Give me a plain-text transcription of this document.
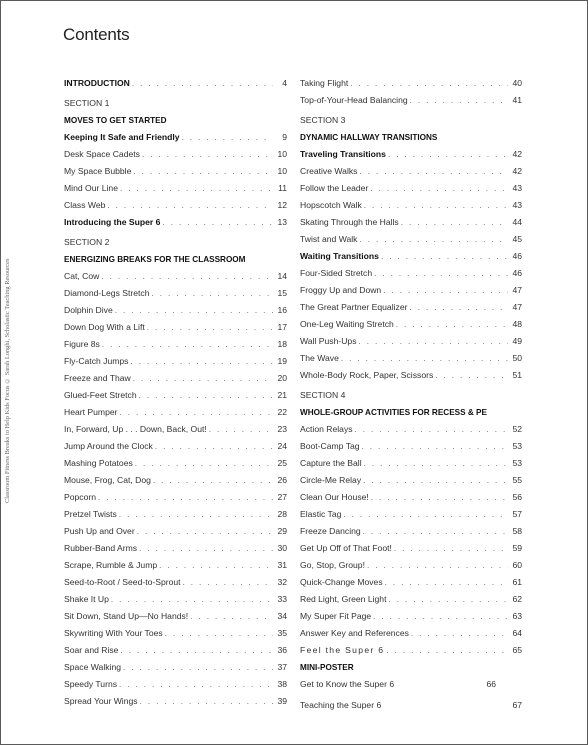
Contents
Classroom Fitness Breaks to Help Kids Focus © Sarah Longhi, Scholastic Teaching Resources
INTRODUCTION . . .	4
SECTION 1
MOVES TO GET STARTED
Keeping It Safe and Friendly . . .	9
Desk Space Cadets . . .	10
My Space Bubble . . .	10
Mind Our Line . . .	11
Class Web . . .	12
Introducing the Super 6 . . .	13
SECTION 2
ENERGIZING BREAKS FOR THE CLASSROOM
Cat, Cow . . .	14
Diamond-Legs Stretch . . .	15
Dolphin Dive . . .	16
Down Dog With a Lift . . .	17
Figure 8s . . .	18
Fly-Catch Jumps . . .	19
Freeze and Thaw . . .	20
Glued-Feet Stretch . . .	21
Heart Pumper . . .	22
In, Forward, Up . . . Down, Back, Out! . . .	23
Jump Around the Clock . . .	24
Mashing Potatoes . . .	25
Mouse, Frog, Cat, Dog . . .	26
Popcorn . . .	27
Pretzel Twists . . .	28
Push Up and Over . . .	29
Rubber-Band Arms . . .	30
Scrape, Rumble & Jump . . .	31
Seed-to-Root / Seed-to-Sprout . . .	32
Shake It Up . . .	33
Sit Down, Stand Up—No Hands! . . .	34
Skywriting With Your Toes . . .	35
Soar and Rise . . .	36
Space Walking . . .	37
Speedy Turns . . .	38
Spread Your Wings . . .	39
Taking Flight . . .	40
Top-of-Your-Head Balancing . . .	41
SECTION 3
DYNAMIC HALLWAY TRANSITIONS
Traveling Transitions . . .	42
Creative Walks . . .	42
Follow the Leader . . .	43
Hopscotch Walk . . .	43
Skating Through the Halls . . .	44
Twist and Walk . . .	45
Waiting Transitions . . .	46
Four-Sided Stretch . . .	46
Froggy Up and Down . . .	47
The Great Partner Equalizer . . .	47
One-Leg Waiting Stretch . . .	48
Wall Push-Ups . . .	49
The Wave . . .	50
Whole-Body Rock, Paper, Scissors . . .	51
SECTION 4
WHOLE-GROUP ACTIVITIES FOR RECESS & PE
Action Relays . . .	52
Boot-Camp Tag . . .	53
Capture the Ball . . .	53
Circle-Me Relay . . .	55
Clean Our House! . . .	56
Elastic Tag . . .	57
Freeze Dancing . . .	58
Get Up Off of That Foot! . . .	59
Go, Stop, Group! . . .	60
Quick-Change Moves . . .	61
Red Light, Green Light . . .	62
My Super Fit Page . . .	63
Answer Key and References . . .	64
Feel the Super 6 . . .	65
MINI-POSTER
Get to Know the Super 6	66
Teaching the Super 6	67
